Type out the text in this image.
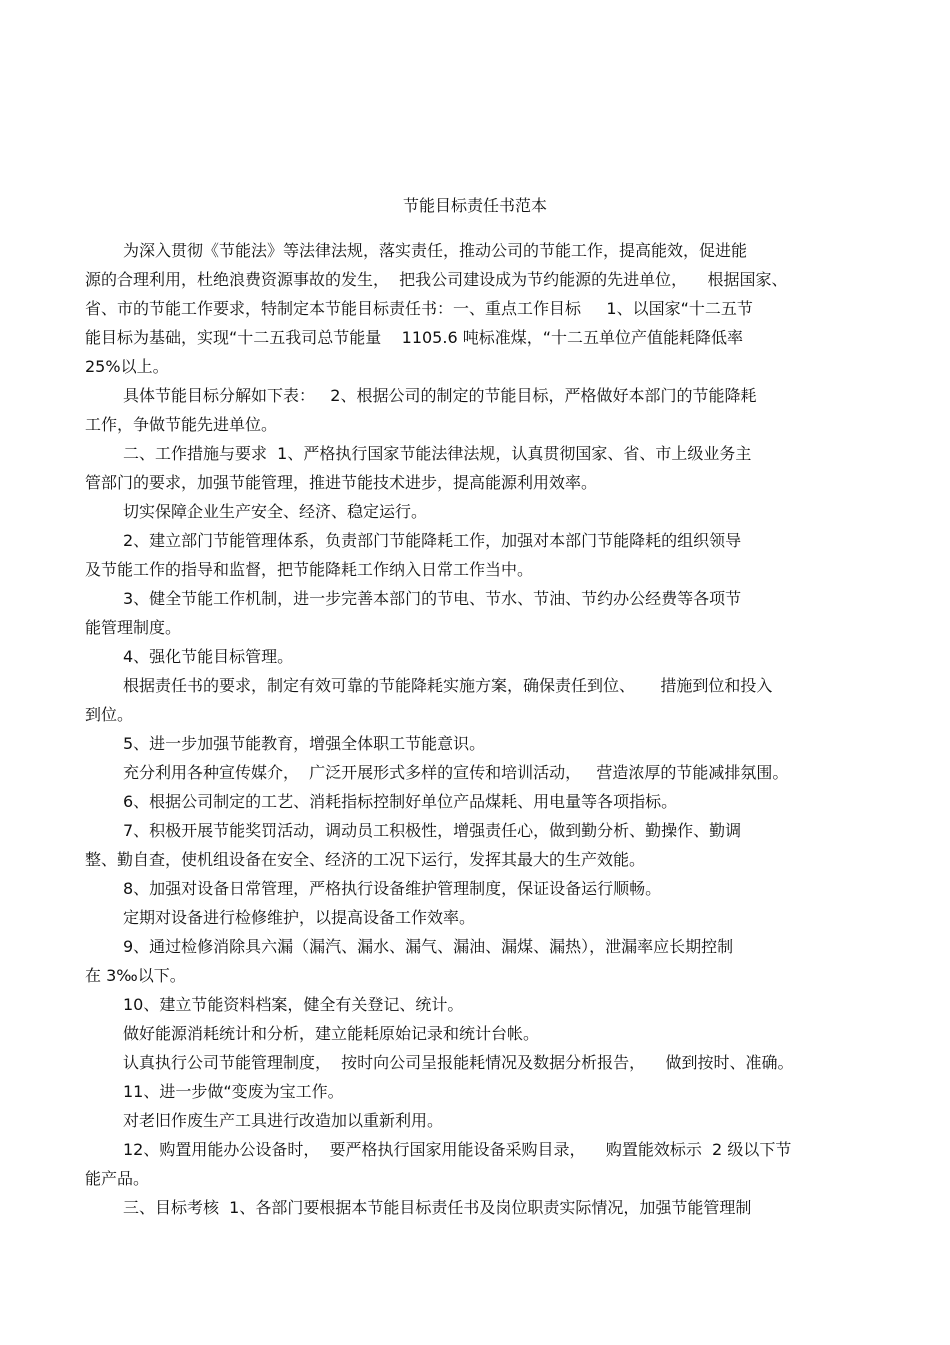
节能目标责任书范本
为深入贯彻《节能法》等法律法规，落实责任，推动公司的节能工作，提高能效，促进能
源的合理利用，杜绝浪费资源事故的发生，  把我公司建设成为节约能源的先进单位，    根据国家、
省、市的节能工作要求，特制定本节能目标责任书：一、重点工作目标     1、以国家“十二五节
能目标为基础，实现“十二五我司总节能量    1105.6 吨标准煤，“十二五单位产值能耗降低率
25%以上。
具体节能目标分解如下表：   2、根据公司的制定的节能目标，严格做好本部门的节能降耗
工作，争做节能先进单位。
二、工作措施与要求  1、严格执行国家节能法律法规，认真贯彻国家、省、市上级业务主
管部门的要求，加强节能管理，推进节能技术进步，提高能源利用效率。
切实保障企业生产安全、经济、稳定运行。
2、建立部门节能管理体系，负责部门节能降耗工作，加强对本部门节能降耗的组织领导
及节能工作的指导和监督，把节能降耗工作纳入日常工作当中。
3、健全节能工作机制，进一步完善本部门的节电、节水、节油、节约办公经费等各项节
能管理制度。
4、强化节能目标管理。
根据责任书的要求，制定有效可靠的节能降耗实施方案，确保责任到位、     措施到位和投入
到位。
5、进一步加强节能教育，增强全体职工节能意识。
充分利用各种宣传媒介，  广泛开展形式多样的宣传和培训活动，   营造浓厚的节能减排氛围。
6、根据公司制定的工艺、消耗指标控制好单位产品煤耗、用电量等各项指标。
7、积极开展节能奖罚活动，调动员工积极性，增强责任心，做到勤分析、勤操作、勤调
整、勤自查，使机组设备在安全、经济的工况下运行，发挥其最大的生产效能。
8、加强对设备日常管理，严格执行设备维护管理制度，保证设备运行顺畅。
定期对设备进行检修维护，以提高设备工作效率。
9、通过检修消除具六漏（漏汽、漏水、漏气、漏油、漏煤、漏热），泄漏率应长期控制
在 3‰以下。
10、建立节能资料档案，健全有关登记、统计。
做好能源消耗统计和分析，建立能耗原始记录和统计台帐。
认真执行公司节能管理制度，  按时向公司呈报能耗情况及数据分析报告，    做到按时、准确。
11、进一步做“变废为宝工作。
对老旧作废生产工具进行改造加以重新利用。
12、购置用能办公设备时，  要严格执行国家用能设备采购目录，    购置能效标示  2 级以下节
能产品。
三、目标考核  1、各部门要根据本节能目标责任书及岗位职责实际情况，加强节能管理制
